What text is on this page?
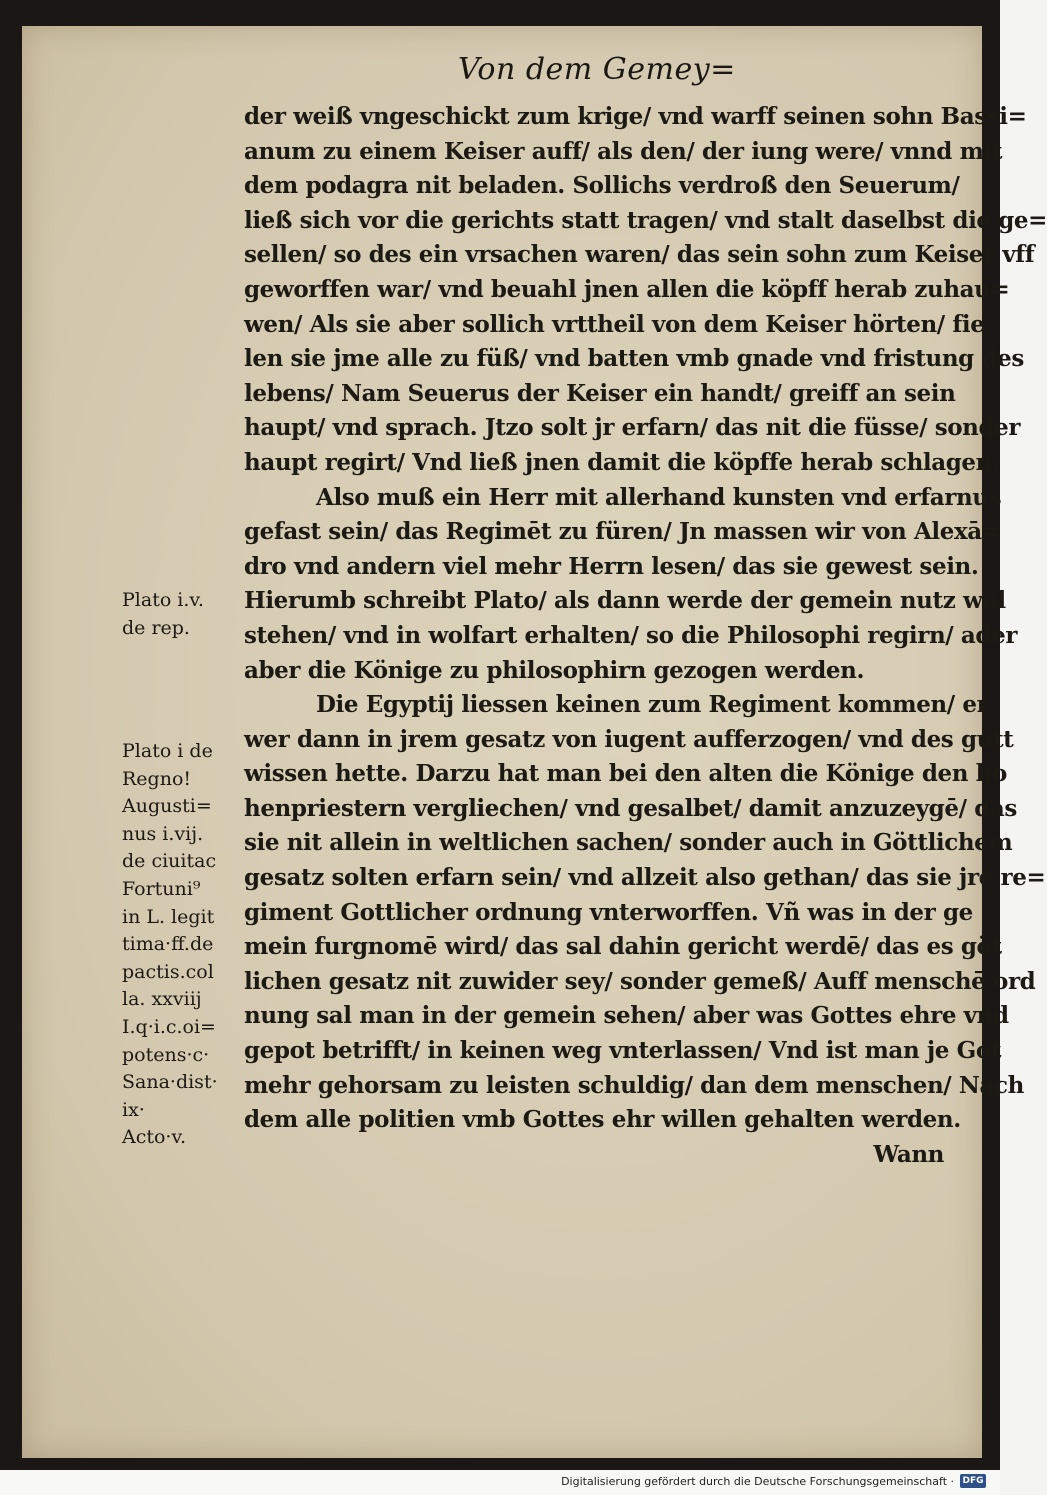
Von dem Gemey=
der weiß vngeschickt zum krige/ vnd warff seinen sohn Bassi=
anum zu einem Keiser auff/ als den/ der iung were/ vnnd mit
dem podagra nit beladen. Sollichs verdroß den Seuerum/
ließ sich vor die gerichts statt tragen/ vnd stalt daselbst die ge=
sellen/ so des ein vrsachen waren/ das sein sohn zum Keiser vff
geworffen war/ vnd beuahl jnen allen die köpff herab zuhau=
wen/ Als sie aber sollich vrttheil von dem Keiser hörten/ fie
len sie jme alle zu füß/ vnd batten vmb gnade vnd fristung des
lebens/ Nam Seuerus der Keiser ein handt/ greiff an sein
haupt/ vnd sprach. Jtzo solt jr erfarn/ das nit die füsse/ sonder
haupt regirt/ Vnd ließ jnen damit die köpffe herab schlagen.
Also muß ein Herr mit allerhand kunsten vnd erfarnus
gefast sein/ das Regimēt zu füren/ Jn massen wir von Alexā=
dro vnd andern viel mehr Herrn lesen/ das sie gewest sein.
Hierumb schreibt Plato/ als dann werde der gemein nutz wol
stehen/ vnd in wolfart erhalten/ so die Philosophi regirn/ ader
aber die Könige zu philosophirn gezogen werden.
Die Egyptij liessen keinen zum Regiment kommen/ er
wer dann in jrem gesatz von iugent aufferzogen/ vnd des gutt
wissen hette. Darzu hat man bei den alten die Könige den ho
henpriestern vergliechen/ vnd gesalbet/ damit anzuzeygē/ das
sie nit allein in weltlichen sachen/ sonder auch in Göttlichem
gesatz solten erfarn sein/ vnd allzeit also gethan/ das sie jre re=
giment Gottlicher ordnung vnterworffen. Vñ was in der ge
mein furgnomē wird/ das sal dahin gericht werdē/ das es göt
lichen gesatz nit zuwider sey/ sonder gemeß/ Auff menschē ord
nung sal man in der gemein sehen/ aber was Gottes ehre vnd
gepot betrifft/ in keinen weg vnterlassen/ Vnd ist man je Got
mehr gehorsam zu leisten schuldig/ dan dem menschen/ Nach
dem alle politien vmb Gottes ehr willen gehalten werden.
Wann
Plato i.v.
de rep.
Plato i de
Regno!
Augusti=
nus i.vij.
de ciuitac
Fortuni⁹
in L. legit
tima·ff.de
pactis.col
la. xxviij
I.q·i.c.oi=
potens·c·
Sana·dist·
ix·
Acto·v.
Digitalisierung gefördert durch die Deutsche Forschungsgemeinschaft · DFG
